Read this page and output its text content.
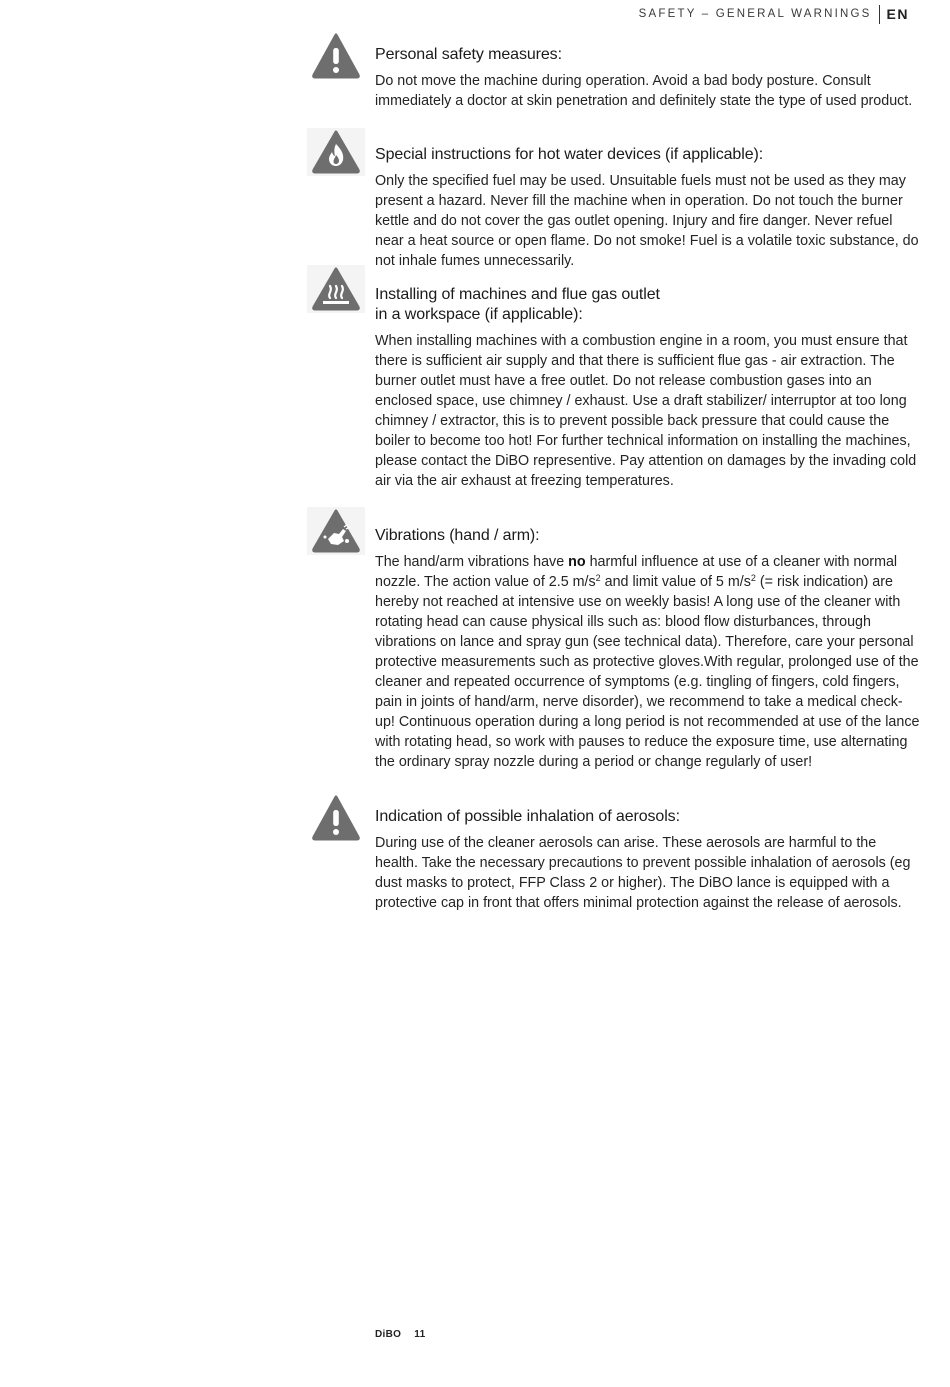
SAFETY – GENERAL WARNINGS	EN
Personal safety measures:

Do not move the machine during operation. Avoid a bad body posture. Consult immediately a doctor at skin penetration and definitely state the type of used product.

Special instructions for hot water devices (if applicable):

Only the specified fuel may be used. Unsuitable fuels must not be used as they may present a hazard. Never fill the machine when in operation. Do not touch the burner kettle and do not cover the gas outlet opening. Injury and fire danger. Never refuel near a heat source or open flame. Do not smoke! Fuel is a volatile toxic substance, do not inhale fumes unnecessarily.

Installing of machines and flue gas outlet
in a workspace (if applicable):

When installing machines with a combustion engine in a room, you must ensure that there is sufficient air supply and that there is sufficient flue gas - air extraction. The burner outlet must have a free outlet. Do not release combustion gases into an enclosed space, use chimney / exhaust. Use a draft stabilizer/ interruptor at too long chimney / extractor, this is to prevent possible back pressure that could cause the boiler to become too hot! For further technical information on installing the machines, please contact the DiBO representive. Pay attention on damages by the invading cold air via the air exhaust at freezing temperatures.

Vibrations (hand / arm):

The hand/arm vibrations have no harmful influence at use of a cleaner with normal nozzle. The action value of 2.5 $m/s^2$ and limit value of 5 $m/s^2$ (= risk indication) are hereby not reached at intensive use on weekly basis! A long use of the cleaner with rotating head can cause physical ills such as: blood flow disturbances, through vibrations on lance and spray gun (see technical data). Therefore, care your personal protective measurements such as protective gloves.With regular, prolonged use of the cleaner and repeated occurrence of symptoms (e.g. tingling of fingers, cold fingers, pain in joints of hand/arm, nerve disorder), we recommend to take a medical check- up! Continuous operation during a long period is not recommended at use of the lance with rotating head, so work with pauses to reduce the exposure time, use alternating the ordinary spray nozzle during a period or change regularly of user!

Indication of possible inhalation of aerosols:

During use of the cleaner aerosols can arise. These aerosols are harmful to the health. Take the necessary precautions to prevent possible inhalation of aerosols (eg dust masks to protect, FFP Class 2 or higher). The DiBO lance is equipped with a protective cap in front that offers minimal protection against the release of aerosols.

DiBO 11
